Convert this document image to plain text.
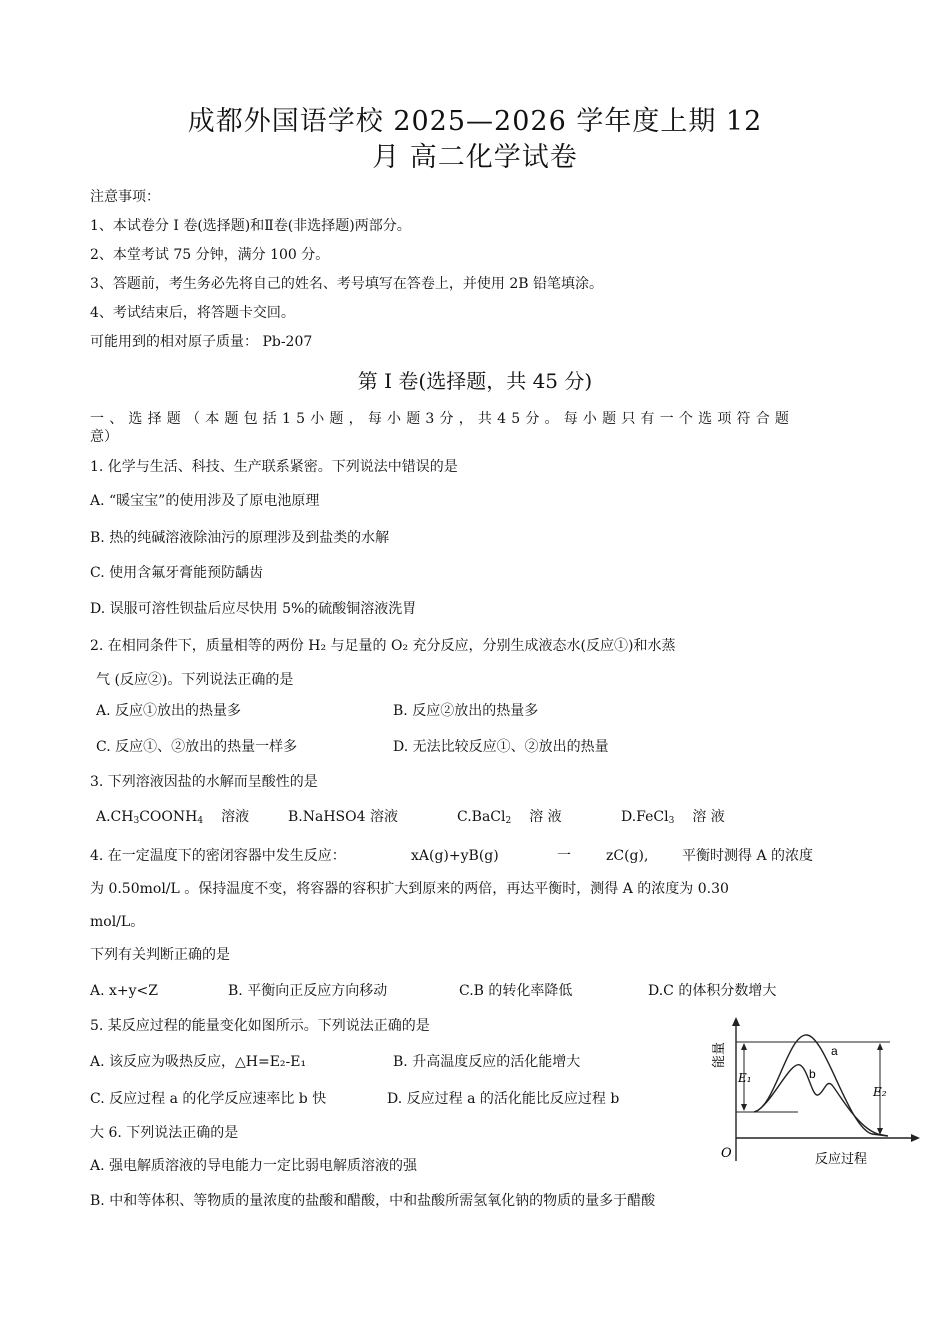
成都外国语学校 2025—2026 学年度上期 12
月 高二化学试卷
注意事项：
1、本试卷分 I 卷(选择题)和Ⅱ卷(非选择题)两部分。
2、本堂考试 75 分钟，满分 100 分。
3、答题前，考生务必先将自己的姓名、考号填写在答卷上，并使用 2B 铅笔填涂。
4、考试结束后，将答题卡交回。
可能用到的相对原子质量： Pb-207
第 I 卷(选择题，共 45 分)
一、选择题（本题包括15小题，每小题3分，共45分。每小题只有一个选项符合题
意）
1. 化学与生活、科技、生产联系紧密。下列说法中错误的是
A. “暖宝宝”的使用涉及了原电池原理
B. 热的纯碱溶液除油污的原理涉及到盐类的水解
C. 使用含氟牙膏能预防龋齿
D. 误服可溶性钡盐后应尽快用 5%的硫酸铜溶液洗胃
2. 在相同条件下，质量相等的两份 H₂ 与足量的 O₂ 充分反应，分别生成液态水(反应①)和水蒸
气 (反应②)。下列说法正确的是
A. 反应①放出的热量多	B. 反应②放出的热量多
C. 反应①、②放出的热量一样多	D. 无法比较反应①、②放出的热量
3. 下列溶液因盐的水解而呈酸性的是
$A.CH_3COONH_4$ 溶液	B.NaHSO4 溶液	C.BaCl$_2$ 溶 液	D.FeCl$_3$ 溶 液
4. 在一定温度下的密闭容器中发生反应：	xA(g)+yB(g)	一	zC(g), 平衡时测得 A 的浓度
为 0.50mol/L 。保持温度不变，将容器的容积扩大到原来的两倍，再达平衡时，测得 A 的浓度为 0.30
mol/L。
下列有关判断正确的是
A. x+y<Z	B. 平衡向正反应方向移动	C.B 的转化率降低	D.C 的体积分数增大
5. 某反应过程的能量变化如图所示。下列说法正确的是
A. 该反应为吸热反应，△H=E₂-E₁	B. 升高温度反应的活化能增大
C. 反应过程 a 的化学反应速率比 b 快	D. 反应过程 a 的活化能比反应过程 b
a
b
E₁
E₂
O	反应过程
能量
大 6. 下列说法正确的是
A. 强电解质溶液的导电能力一定比弱电解质溶液的强
B. 中和等体积、等物质的量浓度的盐酸和醋酸，中和盐酸所需氢氧化钠的物质的量多于醋酸
